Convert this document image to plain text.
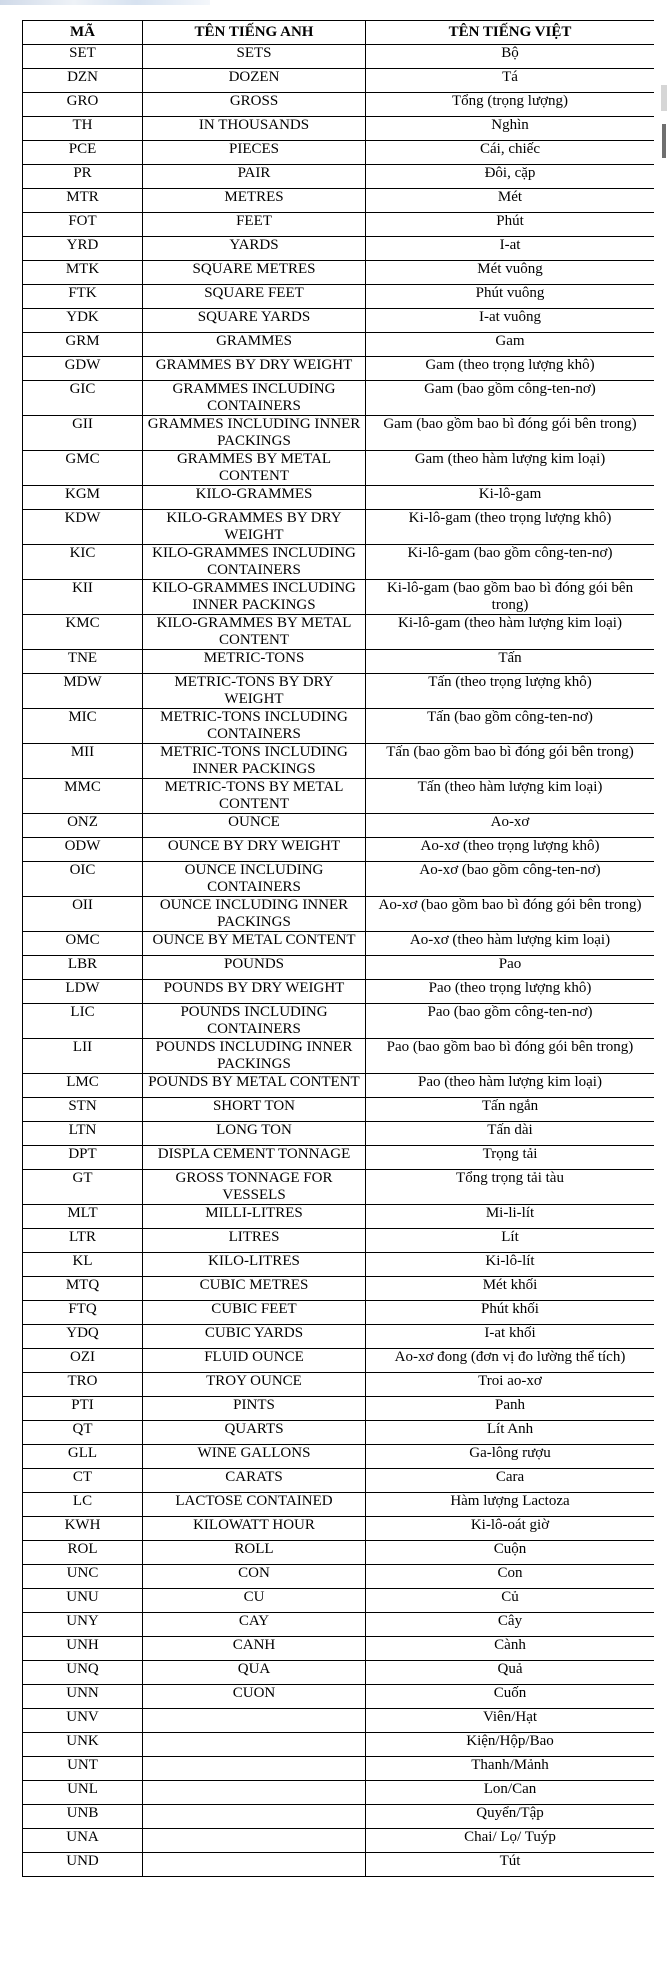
MÃ	TÊN TIẾNG ANH	TÊN TIẾNG VIỆT
SET	SETS	Bộ
DZN	DOZEN	Tá
GRO	GROSS	Tổng (trọng lượng)
TH	IN THOUSANDS	Nghìn
PCE	PIECES	Cái, chiếc
PR	PAIR	Đôi, cặp
MTR	METRES	Mét
FOT	FEET	Phút
YRD	YARDS	I-at
MTK	SQUARE METRES	Mét vuông
FTK	SQUARE FEET	Phút vuông
YDK	SQUARE YARDS	I-at vuông
GRM	GRAMMES	Gam
GDW	GRAMMES BY DRY WEIGHT	Gam (theo trọng lượng khô)
GIC	GRAMMES INCLUDING CONTAINERS	Gam (bao gồm công-ten-nơ)
GII	GRAMMES INCLUDING INNER PACKINGS	Gam (bao gồm bao bì đóng gói bên trong)
GMC	GRAMMES BY METAL CONTENT	Gam (theo hàm lượng kim loại)
KGM	KILO-GRAMMES	Ki-lô-gam
KDW	KILO-GRAMMES BY DRY WEIGHT	Ki-lô-gam (theo trọng lượng khô)
KIC	KILO-GRAMMES INCLUDING CONTAINERS	Ki-lô-gam (bao gồm công-ten-nơ)
KII	KILO-GRAMMES INCLUDING INNER PACKINGS	Ki-lô-gam (bao gồm bao bì đóng gói bên trong)
KMC	KILO-GRAMMES BY METAL CONTENT	Ki-lô-gam (theo hàm lượng kim loại)
TNE	METRIC-TONS	Tấn
MDW	METRIC-TONS BY DRY WEIGHT	Tấn (theo trọng lượng khô)
MIC	METRIC-TONS INCLUDING CONTAINERS	Tấn (bao gồm công-ten-nơ)
MII	METRIC-TONS INCLUDING INNER PACKINGS	Tấn (bao gồm bao bì đóng gói bên trong)
MMC	METRIC-TONS BY METAL CONTENT	Tấn (theo hàm lượng kim loại)
ONZ	OUNCE	Ao-xơ
ODW	OUNCE BY DRY WEIGHT	Ao-xơ (theo trọng lượng khô)
OIC	OUNCE INCLUDING CONTAINERS	Ao-xơ (bao gồm công-ten-nơ)
OII	OUNCE INCLUDING INNER PACKINGS	Ao-xơ (bao gồm bao bì đóng gói bên trong)
OMC	OUNCE BY METAL CONTENT	Ao-xơ (theo hàm lượng kim loại)
LBR	POUNDS	Pao
LDW	POUNDS BY DRY WEIGHT	Pao (theo trọng lượng khô)
LIC	POUNDS INCLUDING CONTAINERS	Pao (bao gồm công-ten-nơ)
LII	POUNDS INCLUDING INNER PACKINGS	Pao (bao gồm bao bì đóng gói bên trong)
LMC	POUNDS BY METAL CONTENT	Pao (theo hàm lượng kim loại)
STN	SHORT TON	Tấn ngắn
LTN	LONG TON	Tấn dài
DPT	DISPLA CEMENT TONNAGE	Trọng tải
GT	GROSS TONNAGE FOR VESSELS	Tổng trọng tải tàu
MLT	MILLI-LITRES	Mi-li-lít
LTR	LITRES	Lít
KL	KILO-LITRES	Ki-lô-lít
MTQ	CUBIC METRES	Mét khối
FTQ	CUBIC FEET	Phút khối
YDQ	CUBIC YARDS	I-at khối
OZI	FLUID OUNCE	Ao-xơ đong (đơn vị đo lường thể tích)
TRO	TROY OUNCE	Troi ao-xơ
PTI	PINTS	Panh
QT	QUARTS	Lít Anh
GLL	WINE GALLONS	Ga-lông rượu
CT	CARATS	Cara
LC	LACTOSE CONTAINED	Hàm lượng Lactoza
KWH	KILOWATT HOUR	Ki-lô-oát giờ
ROL	ROLL	Cuộn
UNC	CON	Con
UNU	CU	Củ
UNY	CAY	Cây
UNH	CANH	Cành
UNQ	QUA	Quả
UNN	CUON	Cuốn
UNV		Viên/Hạt
UNK		Kiện/Hộp/Bao
UNT		Thanh/Mảnh
UNL		Lon/Can
UNB		Quyển/Tập
UNA		Chai/ Lọ/ Tuýp
UND		Tút
